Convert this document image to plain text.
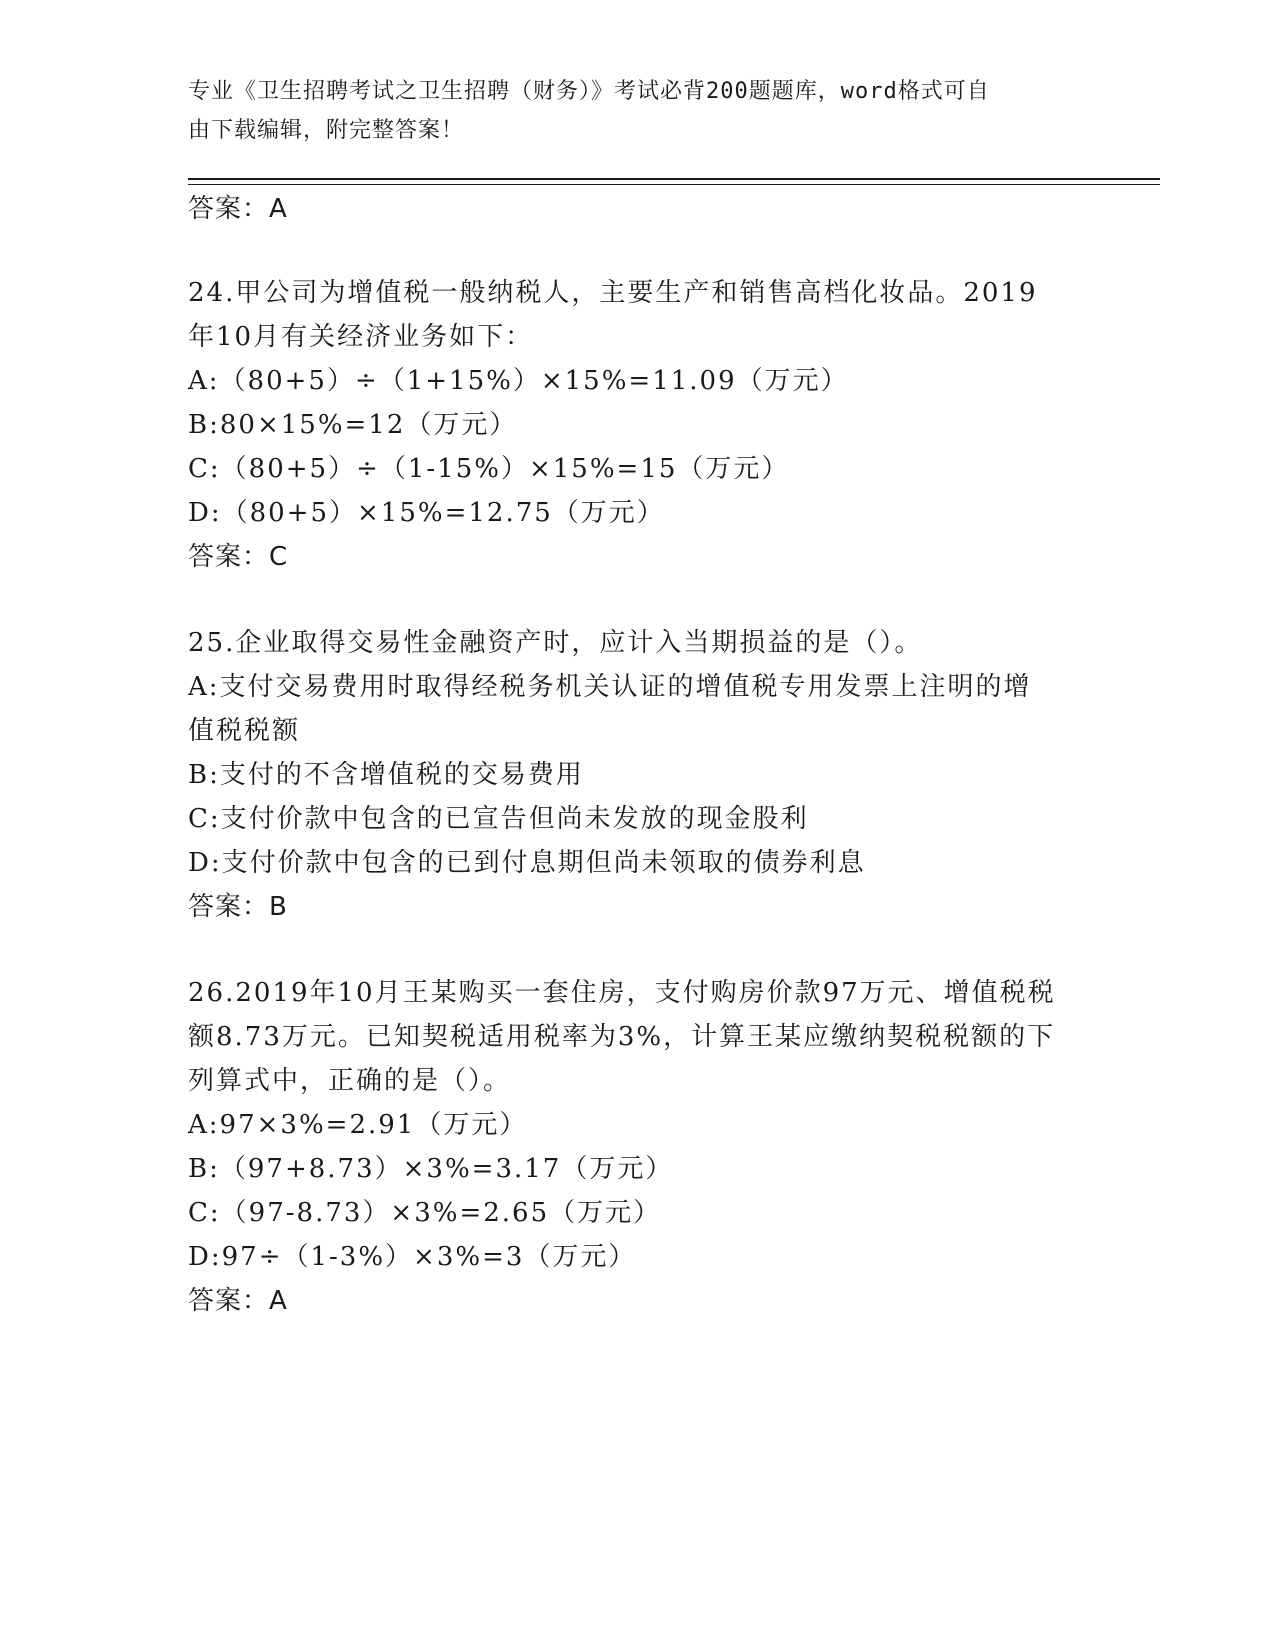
专业《卫生招聘考试之卫生招聘（财务）》考试必背200题题库，word格式可自
由下载编辑，附完整答案！
答案：A
24.甲公司为增值税一般纳税人，主要生产和销售高档化妆品。2019
年10月有关经济业务如下：
A:（80+5）÷（1+15%）×15%=11.09（万元）
B:80×15%=12（万元）
C:（80+5）÷（1-15%）×15%=15（万元）
D:（80+5）×15%=12.75（万元）
答案：C
25.企业取得交易性金融资产时，应计入当期损益的是（）。
A:支付交易费用时取得经税务机关认证的增值税专用发票上注明的增
值税税额
B:支付的不含增值税的交易费用
C:支付价款中包含的已宣告但尚未发放的现金股利
D:支付价款中包含的已到付息期但尚未领取的债券利息
答案：B
26.2019年10月王某购买一套住房，支付购房价款97万元、增值税税
额8.73万元。已知契税适用税率为3%，计算王某应缴纳契税税额的下
列算式中，正确的是（）。
A:97×3%=2.91（万元）
B:（97+8.73）×3%=3.17（万元）
C:（97-8.73）×3%=2.65（万元）
D:97÷（1-3%）×3%=3（万元）
答案：A
